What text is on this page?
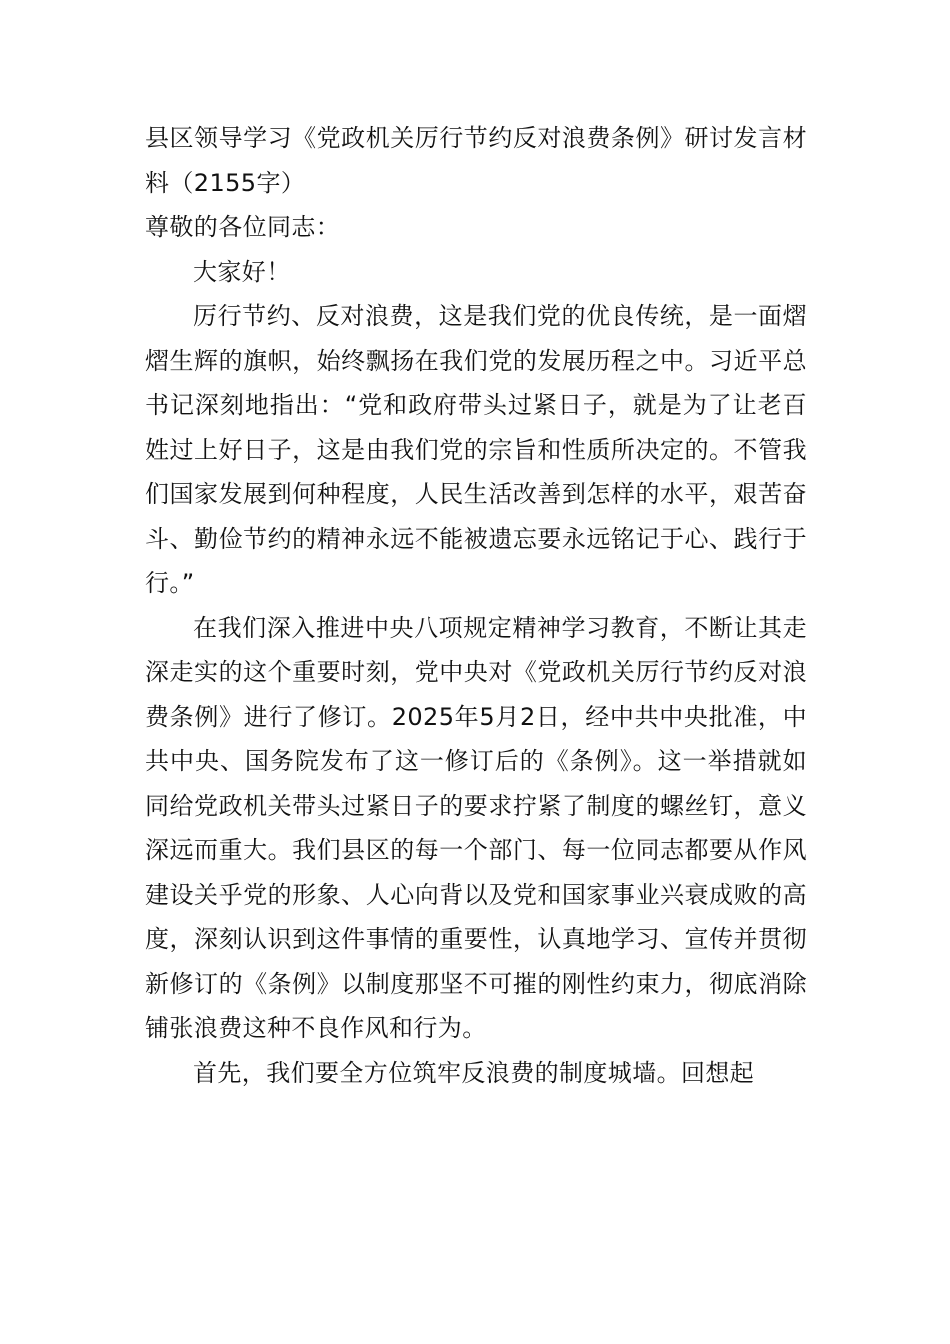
县区领导学习《党政机关厉行节约反对浪费条例》研讨发言材料（2155字）

尊敬的各位同志：

大家好！

厉行节约、反对浪费，这是我们党的优良传统，是一面熠熠生辉的旗帜，始终飘扬在我们党的发展历程之中。习近平总书记深刻地指出：“党和政府带头过紧日子，就是为了让老百姓过上好日子，这是由我们党的宗旨和性质所决定的。不管我们国家发展到何种程度，人民生活改善到怎样的水平，艰苦奋斗、勤俭节约的精神永远不能被遗忘要永远铭记于心、践行于行。”

在我们深入推进中央八项规定精神学习教育，不断让其走深走实的这个重要时刻，党中央对《党政机关厉行节约反对浪费条例》进行了修订。2025年5月2日，经中共中央批准，中共中央、国务院发布了这一修订后的《条例》。这一举措就如同给党政机关带头过紧日子的要求拧紧了制度的螺丝钉，意义深远而重大。我们县区的每一个部门、每一位同志都要从作风建设关乎党的形象、人心向背以及党和国家事业兴衰成败的高度，深刻认识到这件事情的重要性，认真地学习、宣传并贯彻新修订的《条例》以制度那坚不可摧的刚性约束力，彻底消除铺张浪费这种不良作风和行为。

首先，我们要全方位筑牢反浪费的制度城墙。回想起
